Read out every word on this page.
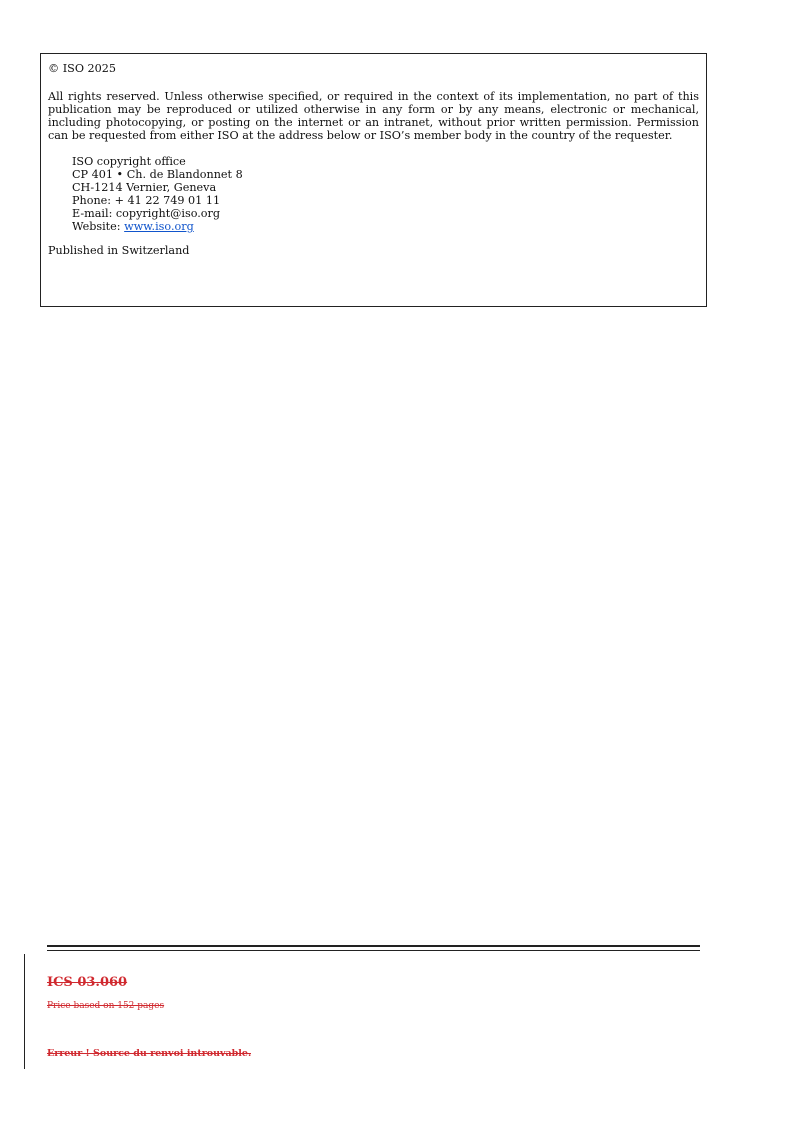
© ISO 2025

All rights reserved. Unless otherwise specified, or required in the context of its implementation, no part of this publication may be reproduced or utilized otherwise in any form or by any means, electronic or mechanical, including photocopying, or posting on the internet or an intranet, without prior written permission. Permission can be requested from either ISO at the address below or ISO’s member body in the country of the requester.

ISO copyright office
CP 401 • Ch. de Blandonnet 8
CH-1214 Vernier, Geneva
Phone: + 41 22 749 01 11
E-mail: copyright@iso.org
Website: www.iso.org

Published in Switzerland

ICS 03.060
Price based on 152 pages
Erreur ! Source du renvoi introuvable.
